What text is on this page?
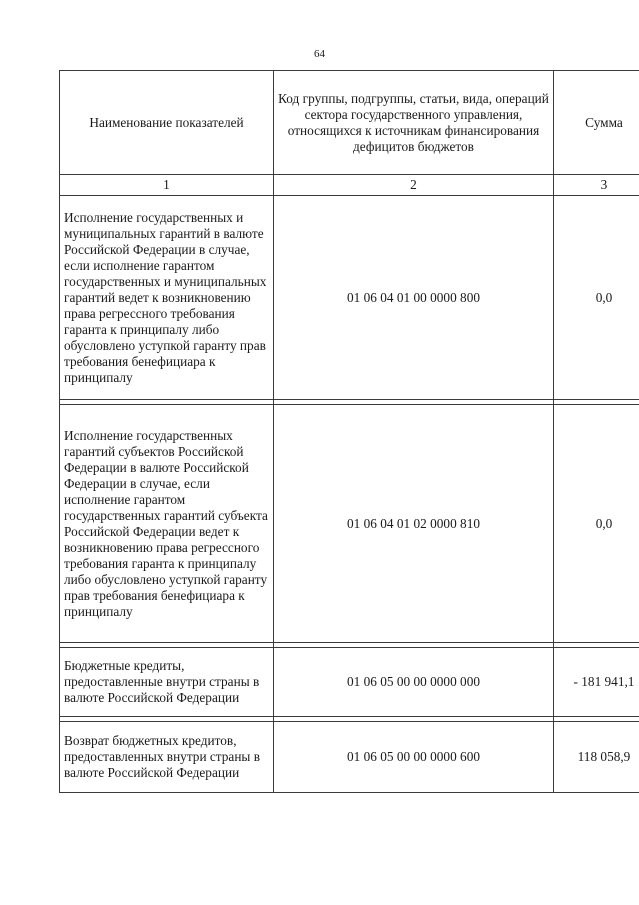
64
Наименование показателей	Код группы, подгруппы, статьи, вида, операций сектора государственного управления, относящихся к источникам финансирования дефицитов бюджетов	Сумма
1	2	3
Исполнение государственных и муниципальных гарантий в валюте Российской Федерации в случае, если исполнение гарантом государственных и муниципальных гарантий ведет к возникновению права регрессного требования гаранта к принципалу либо обусловлено уступкой гаранту прав требования бенефициара к принципалу	01 06 04 01 00 0000 800	0,0

Исполнение государственных гарантий субъектов Российской Федерации в валюте Российской Федерации в случае, если исполнение гарантом государственных гарантий субъекта Российской Федерации ведет к возникновению права регрессного требования гаранта к принципалу либо обусловлено уступкой гаранту прав требования бенефициара к принципалу	01 06 04 01 02 0000 810	0,0

Бюджетные кредиты, предоставленные внутри страны в валюте Российской Федерации	01 06 05 00 00 0000 000	- 181 941,1

Возврат бюджетных кредитов, предоставленных внутри страны в валюте Российской Федерации	01 06 05 00 00 0000 600	118 058,9
